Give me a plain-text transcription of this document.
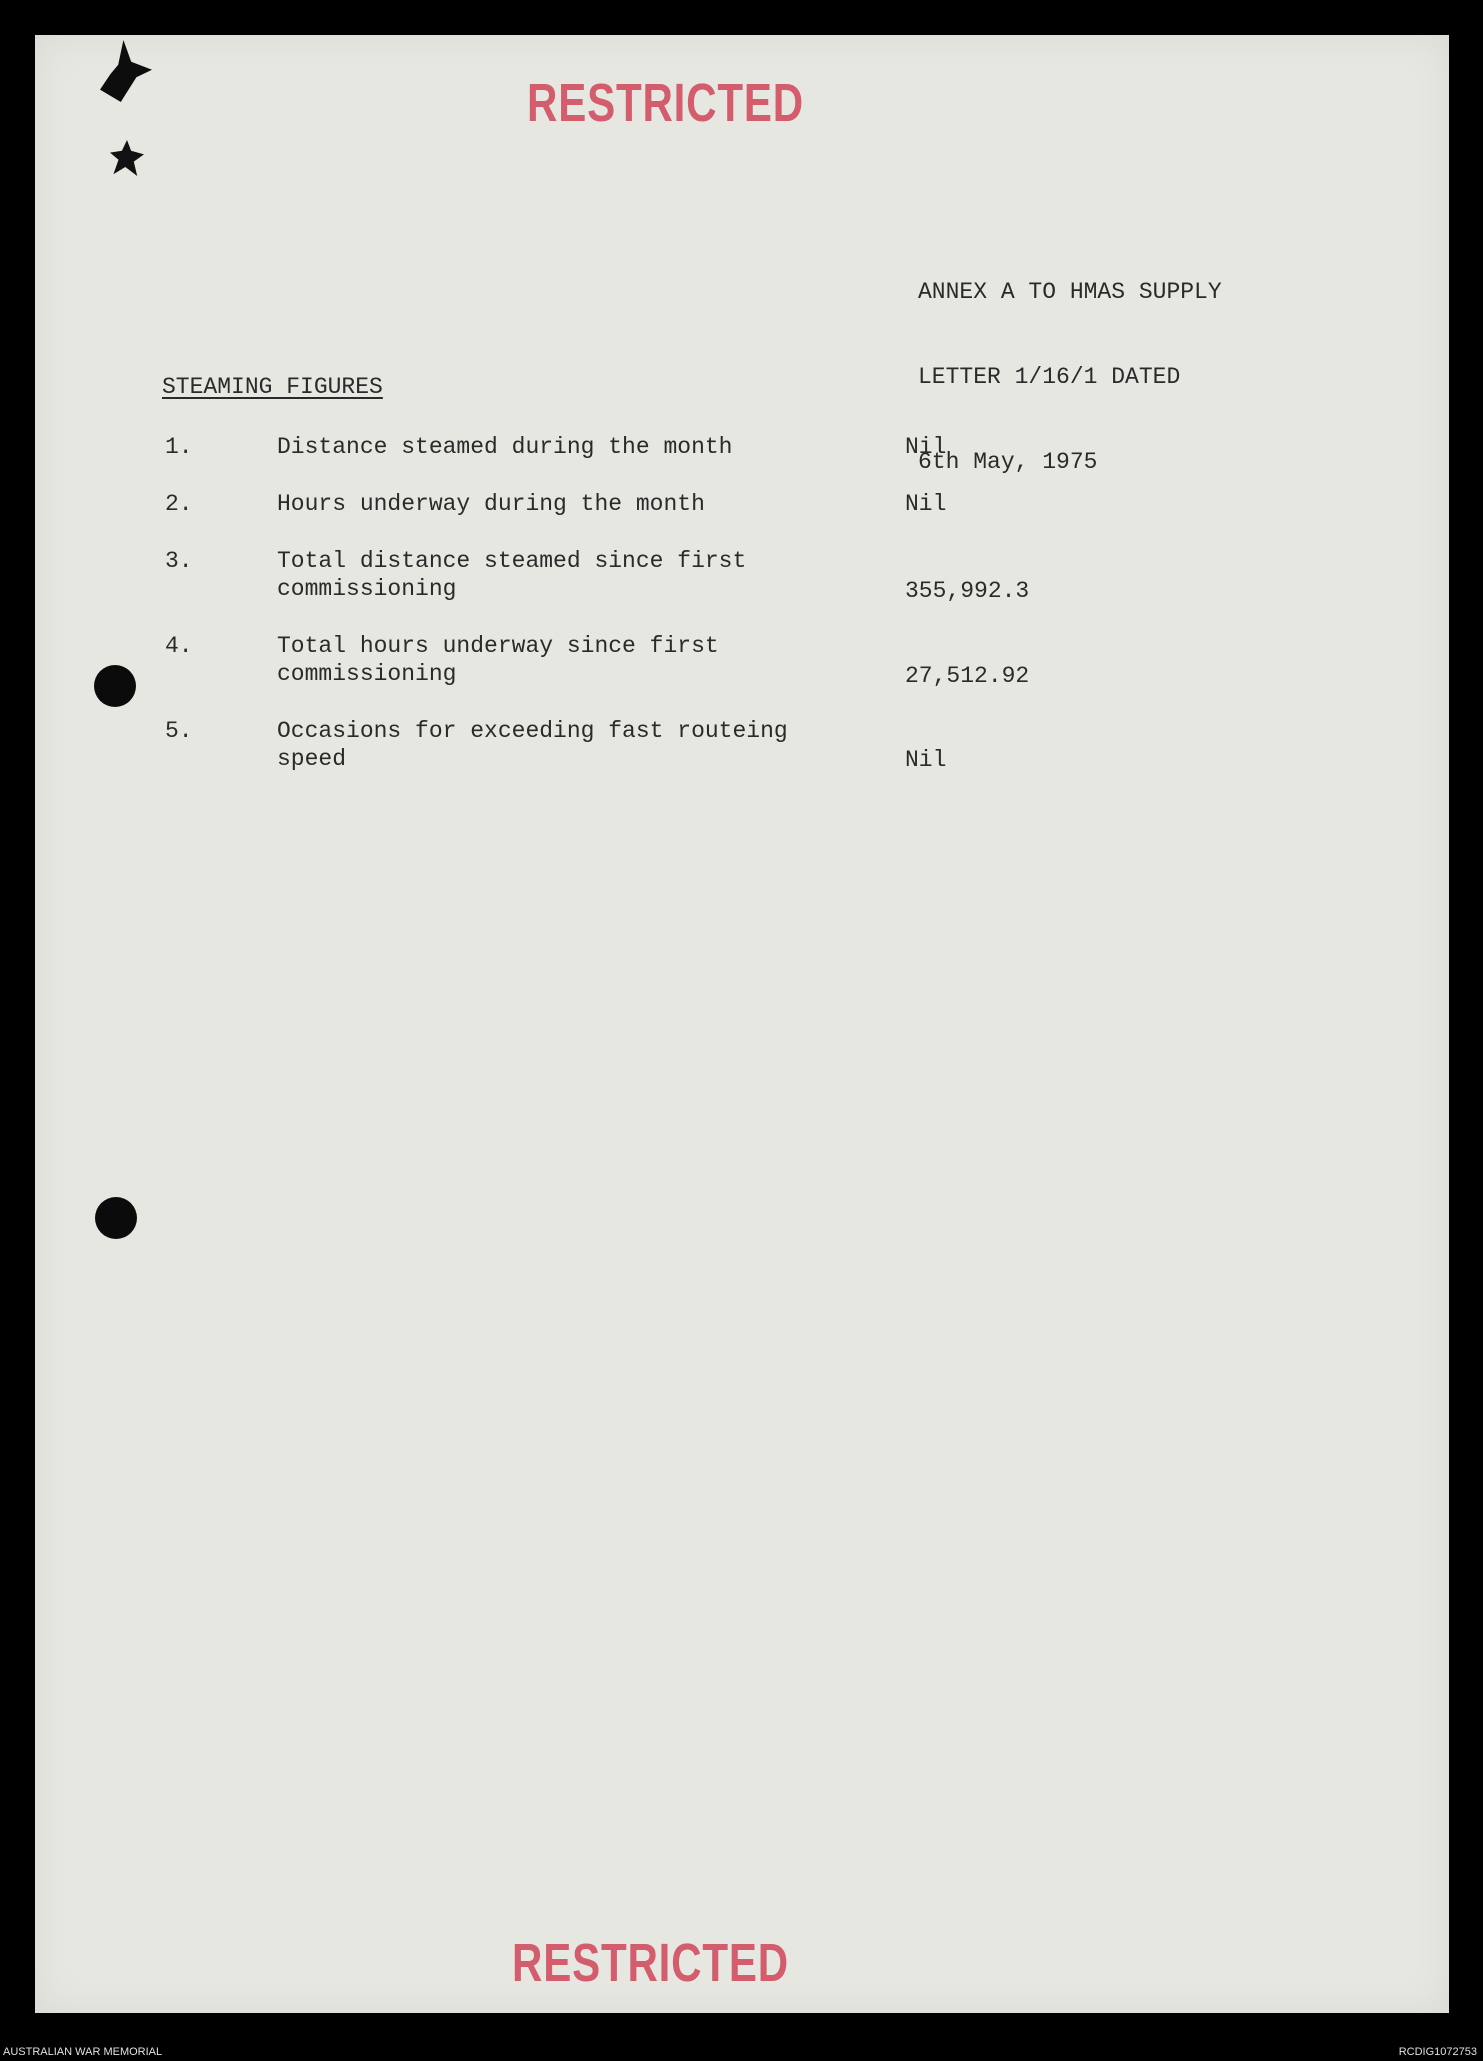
RESTRICTED

ANNEX A TO HMAS SUPPLY

LETTER 1/16/1 DATED

6th May, 1975

STEAMING FIGURES
1.	Distance steamed during the month	Nil
2.	Hours underway during the month	Nil
3.	Total distance steamed since first
commissioning	355,992.3
4.	Total hours underway since first
commissioning	27,512.92
5.	Occasions for exceeding fast routeing
speed	Nil
RESTRICTED
AUSTRALIAN WAR MEMORIAL	RCDIG1072753
